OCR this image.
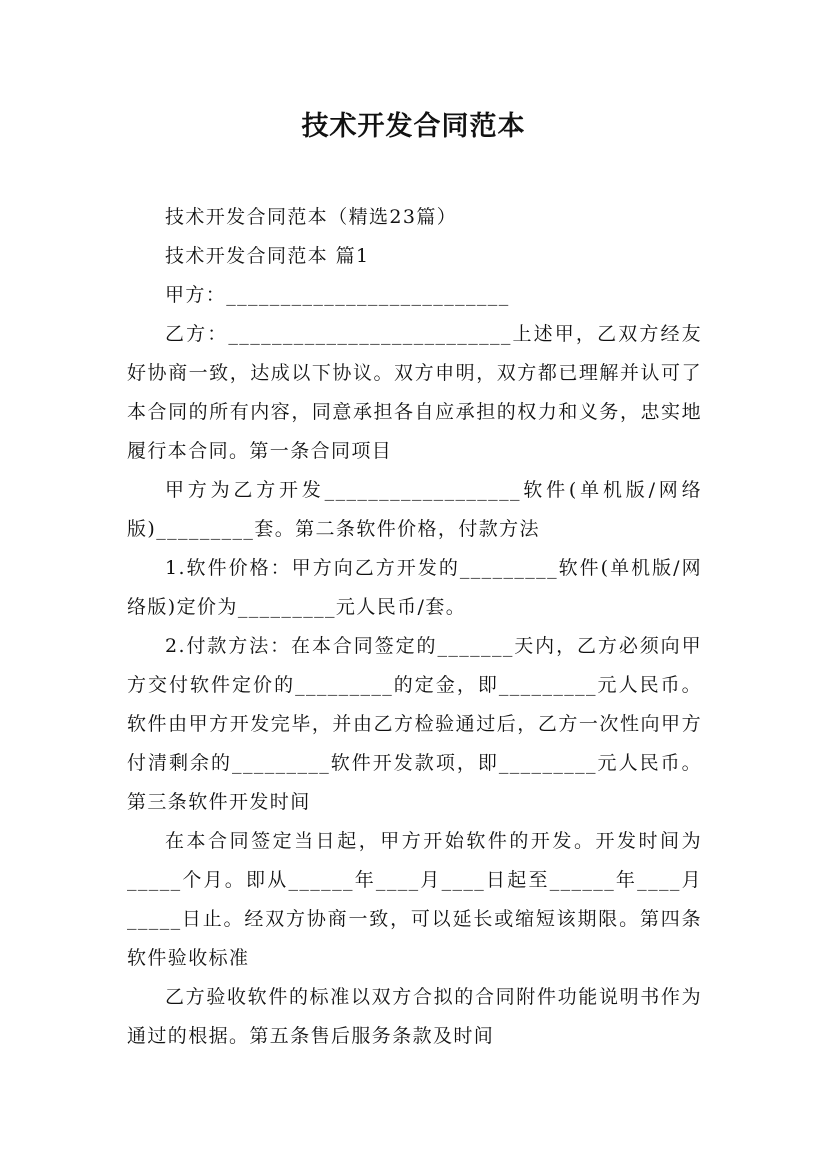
技术开发合同范本

技术开发合同范本（精选23篇）

技术开发合同范本 篇1

甲方：__________________________

乙方：__________________________上述甲，乙双方经友好协商一致，达成以下协议。双方申明，双方都已理解并认可了本合同的所有内容，同意承担各自应承担的权力和义务，忠实地履行本合同。第一条合同项目

甲方为乙方开发__________________软件(单机版/网络版)_________套。第二条软件价格，付款方法

1.软件价格：甲方向乙方开发的_________软件(单机版/网络版)定价为_________元人民币/套。

2.付款方法：在本合同签定的_______天内，乙方必须向甲方交付软件定价的_________的定金，即_________元人民币。软件由甲方开发完毕，并由乙方检验通过后，乙方一次性向甲方付清剩余的_________软件开发款项，即_________元人民币。第三条软件开发时间

在本合同签定当日起，甲方开始软件的开发。开发时间为_____个月。即从______年____月____日起至______年____月_____日止。经双方协商一致，可以延长或缩短该期限。第四条软件验收标准

乙方验收软件的标准以双方合拟的合同附件功能说明书作为通过的根据。第五条售后服务条款及时间
